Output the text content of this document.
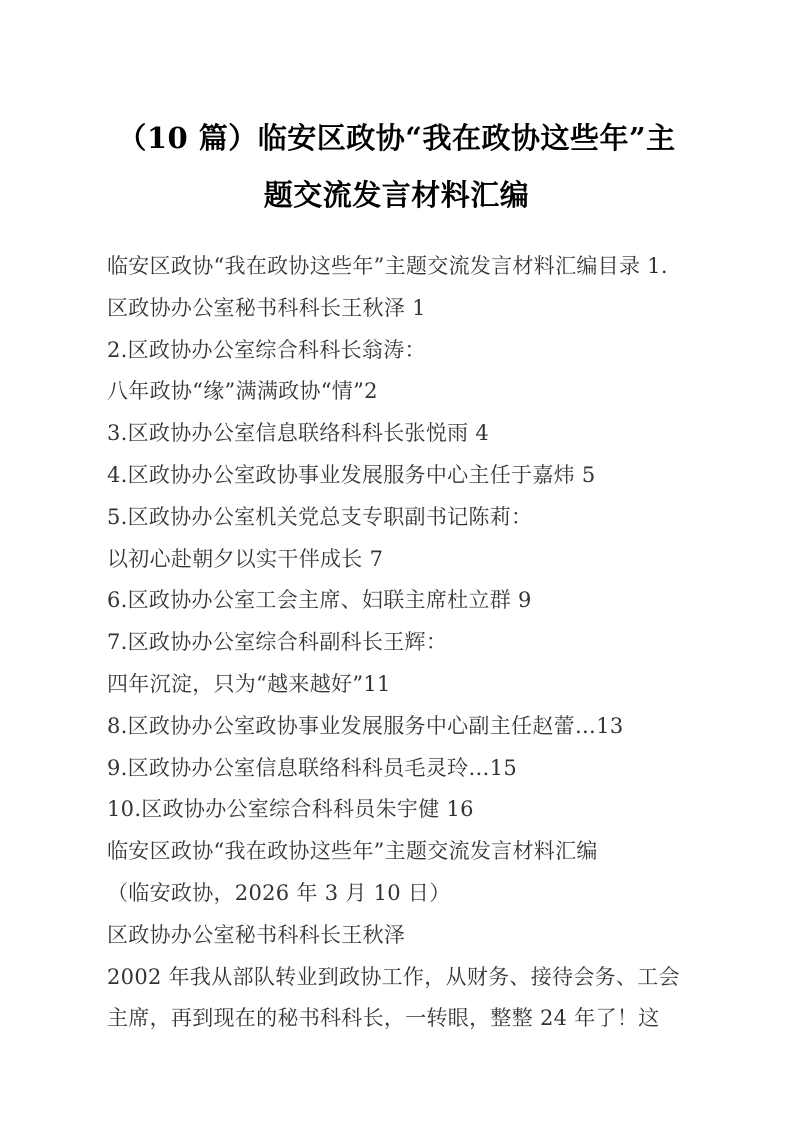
（10 篇）临安区政协“我在政协这些年”主题交流发言材料汇编

临安区政协“我在政协这些年”主题交流发言材料汇编目录 1.

区政协办公室秘书科科长王秋泽 1

2.区政协办公室综合科科长翁涛：

八年政协“缘”满满政协“情”2

3.区政协办公室信息联络科科长张悦雨 4

4.区政协办公室政协事业发展服务中心主任于嘉炜 5

5.区政协办公室机关党总支专职副书记陈莉：

以初心赴朝夕以实干伴成长 7

6.区政协办公室工会主席、妇联主席杜立群 9

7.区政协办公室综合科副科长王辉：

四年沉淀，只为“越来越好”11

8.区政协办公室政协事业发展服务中心副主任赵蕾…13

9.区政协办公室信息联络科科员毛灵玲…15

10.区政协办公室综合科科员朱宇健 16

临安区政协“我在政协这些年”主题交流发言材料汇编

（临安政协，2026 年 3 月 10 日）

区政协办公室秘书科科长王秋泽

2002 年我从部队转业到政协工作，从财务、接待会务、工会

主席，再到现在的秘书科科长，一转眼，整整 24 年了！这
